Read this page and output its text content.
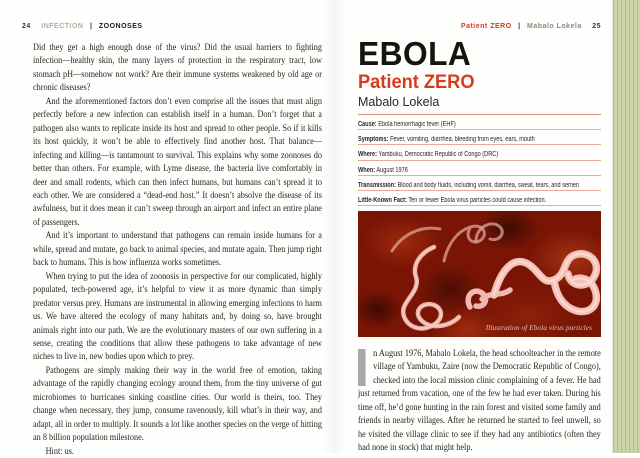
24 INFECTION | ZOONOSES

Did they get a high enough dose of the virus? Did the usual barriers to fighting infection—healthy skin, the many layers of protection in the respiratory tract, low stomach pH—somehow not work? Are their immune systems weakened by old age or chronic diseases?

And the aforementioned factors don’t even comprise all the issues that must align perfectly before a new infection can establish itself in a human. Don’t forget that a pathogen also wants to replicate inside its host and spread to other people. So if it kills its host quickly, it won’t be able to effectively find another host. That balance—infecting and killing—is tantamount to survival. This explains why some zoonoses do better than others. For example, with Lyme disease, the bacteria live comfortably in deer and small rodents, which can then infect humans, but humans can’t spread it to each other. We are considered a “dead-end host.” It doesn’t absolve the disease of its awfulness, but it does mean it can’t sweep through an airport and infect an entire plane of passengers.

And it’s important to understand that pathogens can remain inside humans for a while, spread and mutate, go back to animal species, and mutate again. Then jump right back to humans. This is how influenza works sometimes.

When trying to put the idea of zoonosis in perspective for our complicated, highly populated, tech-powered age, it’s helpful to view it as more dynamic than simply predator versus prey. Humans are instrumental in allowing emerging infections to harm us. We have altered the ecology of many habitats and, by doing so, have brought animals right into our path. We are the evolutionary masters of our own suffering in a sense, creating the conditions that allow these pathogens to take advantage of new niches to live in, new bodies upon which to prey.

Pathogens are simply making their way in the world free of emotion, taking advantage of the rapidly changing ecology around them, from the tiny universe of gut microbiomes to hurricanes sinking coastline cities. Our world is theirs, too. They change when necessary, they jump, consume ravenously, kill what’s in their way, and adapt, all in order to multiply. It sounds a lot like another species on the verge of hitting an 8 billion population milestone.

Hint: us.

Patient ZERO | Mabalo Lokela 25
EBOLA
Patient ZERO
Mabalo Lokela
Cause: Ebola hemorrhagic fever (EHF)
Symptoms: Fever, vomiting, diarrhea, bleeding from eyes, ears, mouth
Where: Yambuku, Democratic Republic of Congo (DRC)
When: August 1976
Transmission: Blood and body fluids, including vomit, diarrhea, sweat, tears, and semen
Little-Known Fact: Ten or fewer Ebola virus particles could cause infection.
Illustration of Ebola virus particles
n August 1976, Mabalo Lokela, the head schoolteacher in the remote village of Yambuku, Zaire (now the Democratic Republic of Congo), checked into the local mission clinic complaining of a fever. He had just returned from vacation, one of the few he had ever taken. During his time off, he’d gone hunting in the rain forest and visited some family and friends in nearby villages. After he returned he started to feel unwell, so he visited the village clinic to see if they had any antibiotics (often they had none in stock) that might help.
